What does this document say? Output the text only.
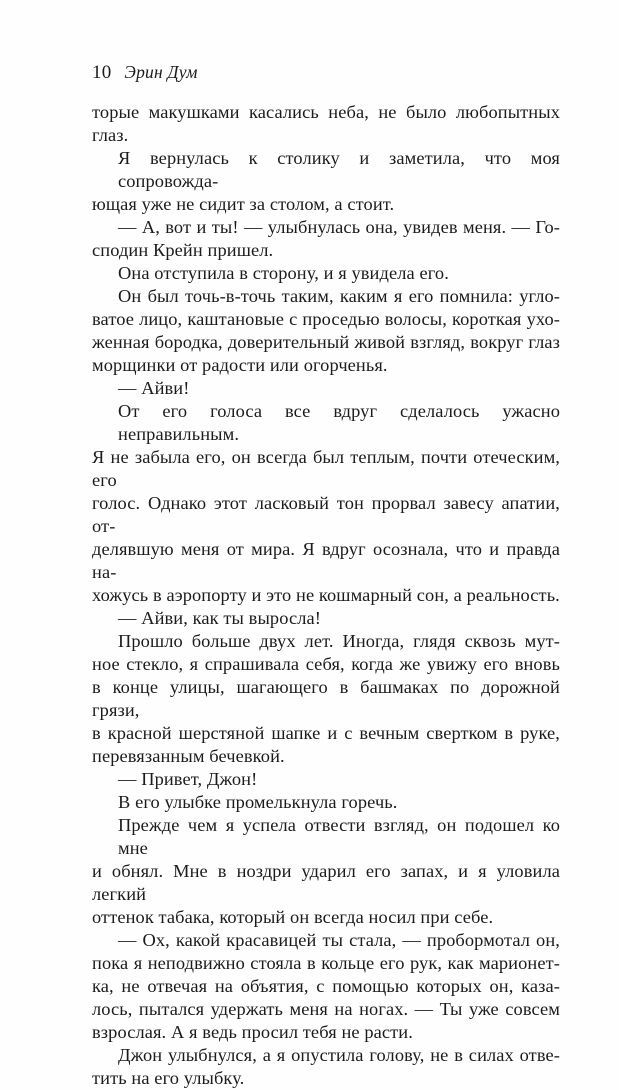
10 Эрин Дум
торые макушками касались неба, не было любопытных
глаз.
Я вернулась к столику и заметила, что моя сопровожда-
ющая уже не сидит за столом, а стоит.
— А, вот и ты! — улыбнулась она, увидев меня. — Го-
сподин Крейн пришел.
Она отступила в сторону, и я увидела его.
Он был точь-в-точь таким, каким я его помнила: угло-
ватое лицо, каштановые с проседью волосы, короткая ухо-
женная бородка, доверительный живой взгляд, вокруг глаз
морщинки от радости или огорченья.
— Айви!
От его голоса все вдруг сделалось ужасно неправильным.
Я не забыла его, он всегда был теплым, почти отеческим, его
голос. Однако этот ласковый тон прорвал завесу апатии, от-
делявшую меня от мира. Я вдруг осознала, что и правда на-
хожусь в аэропорту и это не кошмарный сон, а реальность.
— Айви, как ты выросла!
Прошло больше двух лет. Иногда, глядя сквозь мут-
ное стекло, я спрашивала себя, когда же увижу его вновь
в конце улицы, шагающего в башмаках по дорожной грязи,
в красной шерстяной шапке и с вечным свертком в руке,
перевязанным бечевкой.
— Привет, Джон!
В его улыбке промелькнула горечь.
Прежде чем я успела отвести взгляд, он подошел ко мне
и обнял. Мне в ноздри ударил его запах, и я уловила легкий
оттенок табака, который он всегда носил при себе.
— Ох, какой красавицей ты стала, — пробормотал он,
пока я неподвижно стояла в кольце его рук, как марионет-
ка, не отвечая на объятия, с помощью которых он, каза-
лось, пытался удержать меня на ногах. — Ты уже совсем
взрослая. А я ведь просил тебя не расти.
Джон улыбнулся, а я опустила голову, не в силах отве-
тить на его улыбку.
